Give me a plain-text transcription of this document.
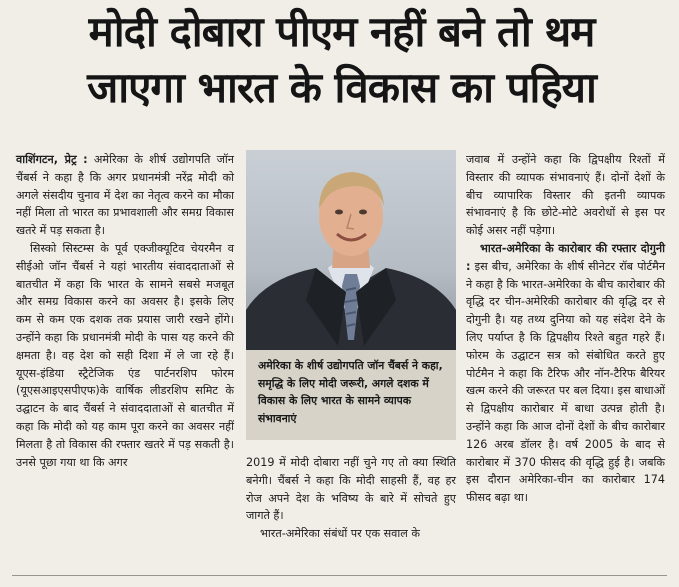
मोदी दोबारा पीएम नहीं बने तो थम
जाएगा भारत के विकास का पहिया

वाशिंगटन, प्रेट्र : अमेरिका के शीर्ष उद्योगपति जॉन चैंबर्स ने कहा है कि अगर प्रधानमंत्री नरेंद्र मोदी को अगले संसदीय चुनाव में देश का नेतृत्व करने का मौका नहीं मिला तो भारत का प्रभावशाली और समग्र विकास खतरे में पड़ सकता है।

सिस्को सिस्टम्स के पूर्व एक्जीक्यूटिव चेयरमैन व सीईओ जॉन चैंबर्स ने यहां भारतीय संवाददाताओं से बातचीत में कहा कि भारत के सामने सबसे मजबूत और समग्र विकास करने का अवसर है। इसके लिए कम से कम एक दशक तक प्रयास जारी रखने होंगे। उन्होंने कहा कि प्रधानमंत्री मोदी के पास यह करने की क्षमता है। वह देश को सही दिशा में ले जा रहे हैं। यूएस-इंडिया स्ट्रैटेजिक एंड पार्टनरशिप फोरम (यूएसआइएसपीएफ)के वार्षिक लीडरशिप समिट के उद्घाटन के बाद चैंबर्स ने संवाददाताओं से बातचीत में कहा कि मोदी को यह काम पूरा करने का अवसर नहीं मिलता है तो विकास की रफ्तार खतरे में पड़ सकती है। उनसे पूछा गया था कि अगर

अमेरिका के शीर्ष उद्योगपति जॉन चैंबर्स ने कहा, समृद्धि के लिए मोदी जरूरी, अगले दशक में विकास के लिए भारत के सामने व्यापक संभावनाएं

2019 में मोदी दोबारा नहीं चुने गए तो क्या स्थिति बनेगी। चैंबर्स ने कहा कि मोदी साहसी हैं, वह हर रोज अपने देश के भविष्य के बारे में सोचते हुए जागते हैं।

भारत-अमेरिका संबंधों पर एक सवाल के

जवाब में उन्होंने कहा कि द्विपक्षीय रिश्तों में विस्तार की व्यापक संभावनाएं हैं। दोनों देशों के बीच व्यापारिक विस्तार की इतनी व्यापक संभावनाएं है कि छोटे-मोटे अवरोधों से इस पर कोई असर नहीं पड़ेगा।

भारत-अमेरिका के कारोबार की रफ्तार दोगुनी : इस बीच, अमेरिका के शीर्ष सीनेटर रॉब पोर्टमैन ने कहा है कि भारत-अमेरिका के बीच कारोबार की वृद्धि दर चीन-अमेरिकी कारोबार की वृद्धि दर से दोगुनी है। यह तथ्य दुनिया को यह संदेश देने के लिए पर्याप्त है कि द्विपक्षीय रिश्ते बहुत गहरे हैं। फोरम के उद्घाटन सत्र को संबोधित करते हुए पोर्टमैन ने कहा कि टैरिफ और नॉन-टैरिफ बैरियर खत्म करने की जरूरत पर बल दिया। इस बाधाओं से द्विपक्षीय कारोबार में बाधा उत्पन्न होती है। उन्होंने कहा कि आज दोनों देशों के बीच कारोबार 126 अरब डॉलर है। वर्ष 2005 के बाद से कारोबार में 370 फीसद की वृद्धि हुई है। जबकि इस दौरान अमेरिका-चीन का कारोबार 174 फीसद बढ़ा था।
